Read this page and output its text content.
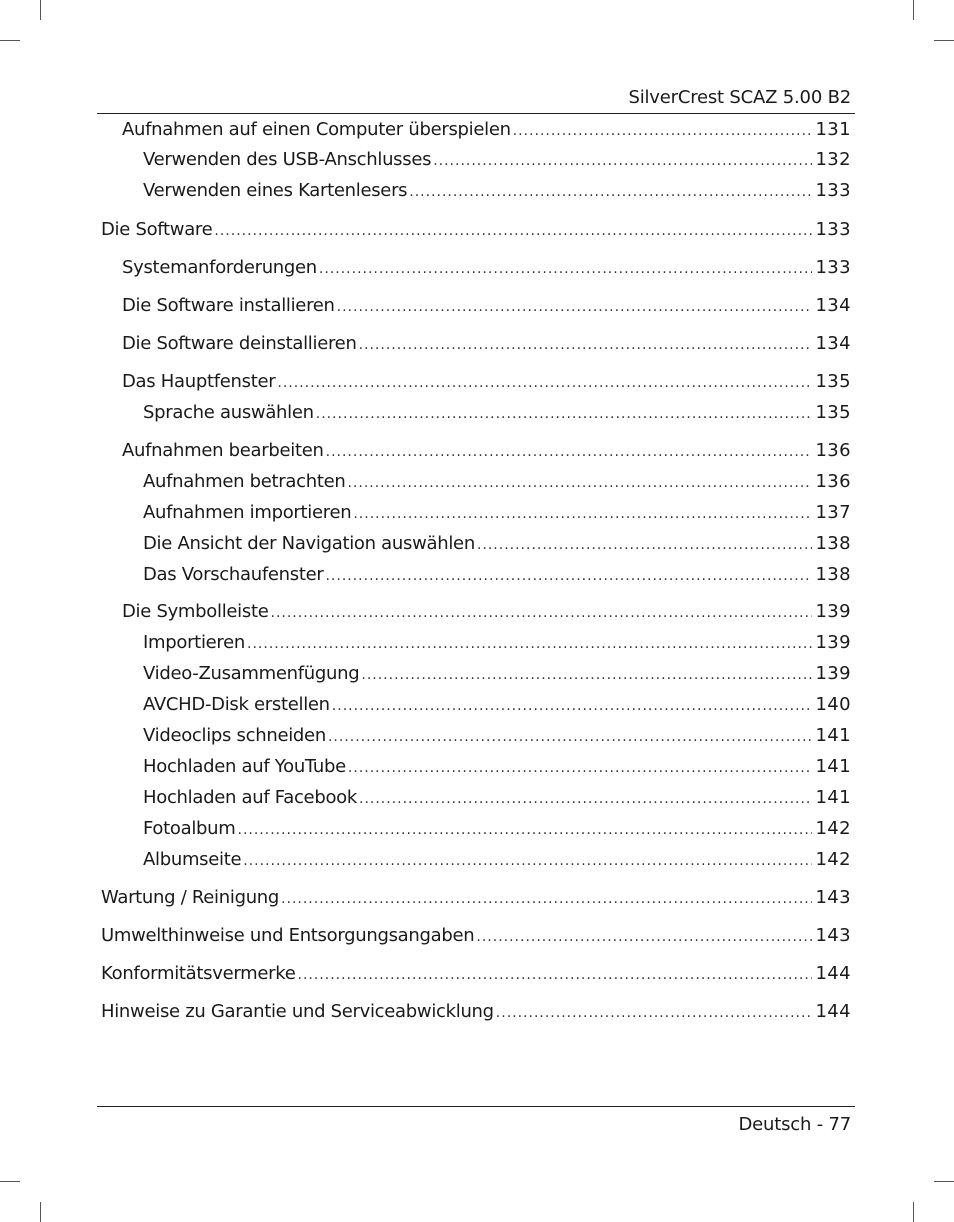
SilverCrest SCAZ 5.00 B2
Aufnahmen auf einen Computer überspielen .....	131
Verwenden des USB-Anschlusses .....	132
Verwenden eines Kartenlesers .....	133
Die Software .....	133
Systemanforderungen .....	133
Die Software installieren .....	134
Die Software deinstallieren .....	134
Das Hauptfenster .....	135
Sprache auswählen .....	135
Aufnahmen bearbeiten .....	136
Aufnahmen betrachten .....	136
Aufnahmen importieren .....	137
Die Ansicht der Navigation auswählen .....	138
Das Vorschaufenster .....	138
Die Symbolleiste .....	139
Importieren .....	139
Video-Zusammenfügung .....	139
AVCHD-Disk erstellen .....	140
Videoclips schneiden .....	141
Hochladen auf YouTube .....	141
Hochladen auf Facebook .....	141
Fotoalbum .....	142
Albumseite .....	142
Wartung / Reinigung .....	143
Umwelthinweise und Entsorgungsangaben .....	143
Konformitätsvermerke .....	144
Hinweise zu Garantie und Serviceabwicklung .....	144
Deutsch - 77
